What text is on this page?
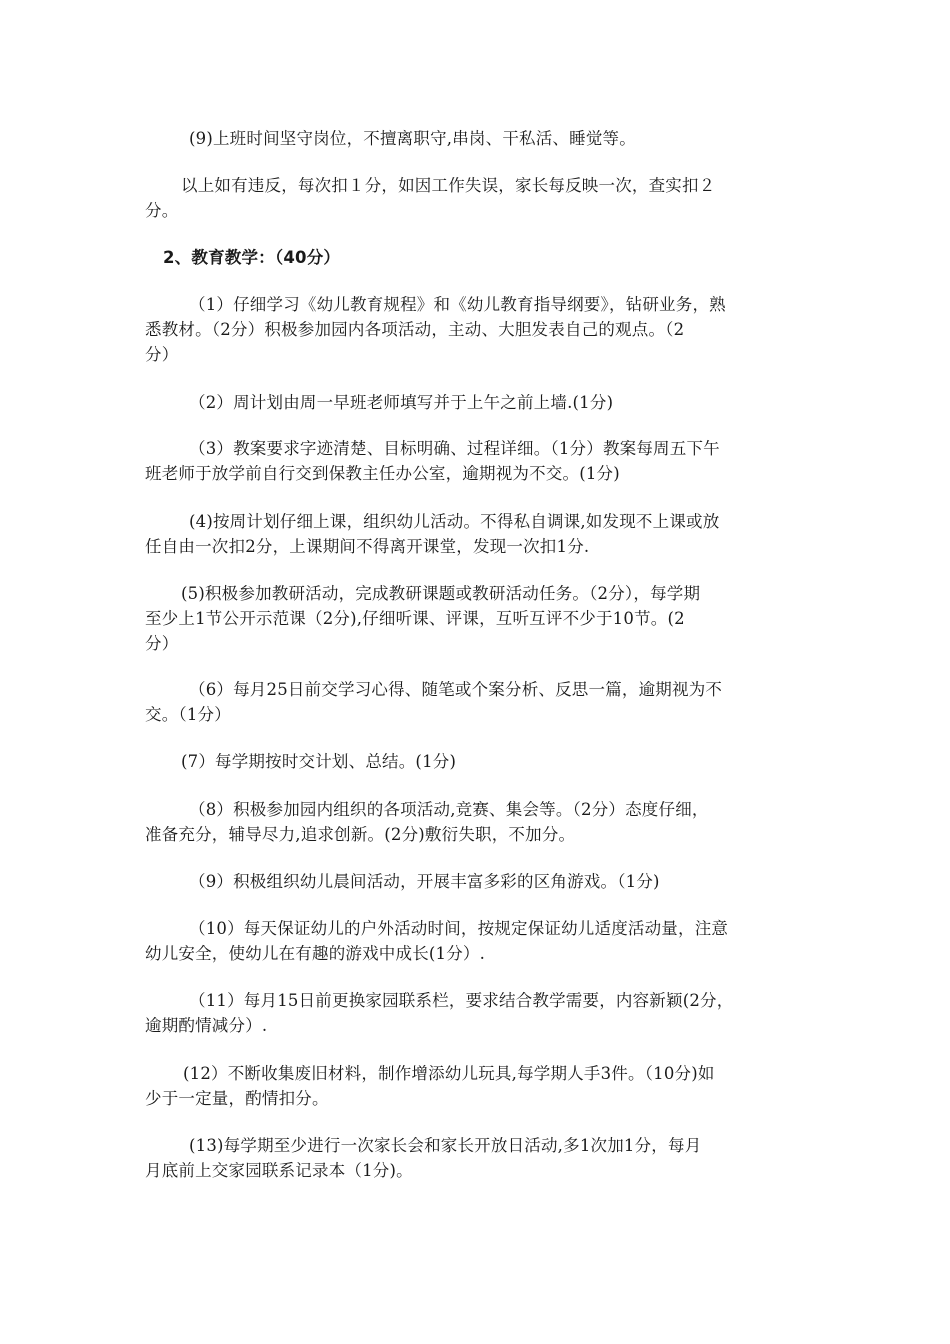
(9)上班时间坚守岗位，不擅离职守,串岗、干私活、睡觉等。
以上如有违反，每次扣１分，如因工作失误，家长每反映一次，查实扣２
分。
2、教育教学：（40分）
（1）仔细学习《幼儿教育规程》和《幼儿教育指导纲要》，钻研业务，熟
悉教材。（2分）积极参加园内各项活动，主动、大胆发表自己的观点。（2
分）
（2）周计划由周一早班老师填写并于上午之前上墙.(1分)
（3）教案要求字迹清楚、目标明确、过程详细。（1分）教案每周五下午
班老师于放学前自行交到保教主任办公室，逾期视为不交。(1分)
(4)按周计划仔细上课，组织幼儿活动。不得私自调课,如发现不上课或放
任自由一次扣2分，上课期间不得离开课堂，发现一次扣1分.
(5)积极参加教研活动，完成教研课题或教研活动任务。（2分），每学期
至少上1节公开示范课（2分),仔细听课、评课，互听互评不少于10节。(2
分）
（6）每月25日前交学习心得、随笔或个案分析、反思一篇，逾期视为不
交。（1分）
(7）每学期按时交计划、总结。(1分)
（8）积极参加园内组织的各项活动,竞赛、集会等。（2分）态度仔细，
准备充分，辅导尽力,追求创新。(2分)敷衍失职，不加分。
（9）积极组织幼儿晨间活动，开展丰富多彩的区角游戏。（1分)
（10）每天保证幼儿的户外活动时间，按规定保证幼儿适度活动量，注意
幼儿安全，使幼儿在有趣的游戏中成长(1分）.
（11）每月15日前更换家园联系栏，要求结合教学需要，内容新颖(2分，
逾期酌情减分）.
(12）不断收集废旧材料，制作增添幼儿玩具,每学期人手3件。（10分)如
少于一定量，酌情扣分。
(13)每学期至少进行一次家长会和家长开放日活动,多1次加1分，每月
月底前上交家园联系记录本（1分)。
